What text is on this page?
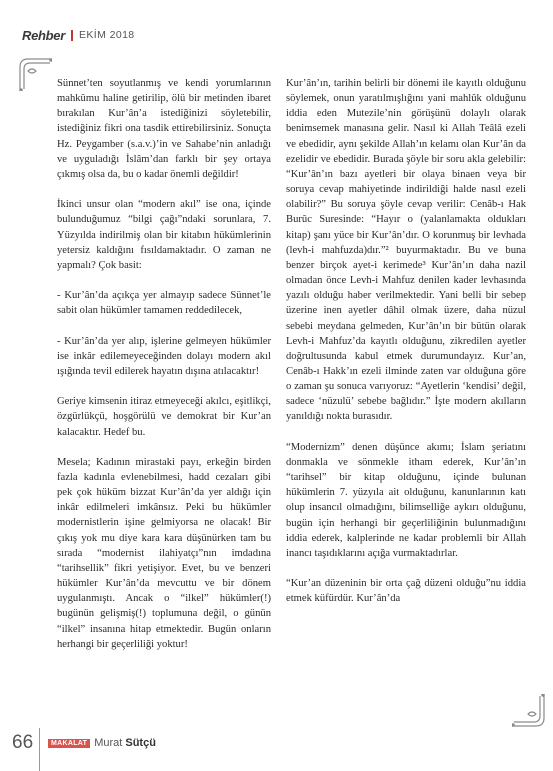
Rehber EKİM 2018

Sünnet’ten soyutlanmış ve kendi yorumlarının mahkûmu haline getirilip, ölü bir metinden ibaret bırakılan Kur’ân’a istediğinizi söyletebilir, istediğiniz fikri ona tasdik ettirebilirsiniz. Sonuçta Hz. Peygamber (s.a.v.)’in ve Sahabe’nin anladığı ve uyguladığı İslâm’dan farklı bir şey ortaya çıkmış olsa da, bu o kadar önemli değildir!

İkinci unsur olan “modern akıl” ise ona, içinde bulunduğumuz “bilgi çağı”ndaki sorunlara, 7. Yüzyılda indirilmiş olan bir kitabın hükümlerinin yetersiz kaldığını fısıldamaktadır. O zaman ne yapmalı? Çok basit:

- Kur’ân’da açıkça yer almayıp sadece Sünnet’le sabit olan hükümler tamamen reddedilecek,

- Kur’ân’da yer alıp, işlerine gelmeyen hükümler ise inkâr edilemeyeceğinden dolayı modern akıl ışığında tevil edilerek hayatın dışına atılacaktır!

Geriye kimsenin itiraz etmeyeceği akılcı, eşitlikçi, özgürlükçü, hoşgörülü ve demokrat bir Kur’an kalacaktır. Hedef bu.

Mesela; Kadının mirastaki payı, erkeğin birden fazla kadınla evlenebilmesi, hadd cezaları gibi pek çok hüküm bizzat Kur’ân’da yer aldığı için inkâr edilmeleri imkânsız. Peki bu hükümler modernistlerin işine gelmiyorsa ne olacak! Bir çıkış yok mu diye kara kara düşünürken tam bu sırada “modernist ilahiyatçı”nın imdadına “tarihsellik” fikri yetişiyor. Evet, bu ve benzeri hükümler Kur’ân’da mevcuttu ve bir dönem uygulanmıştı. Ancak o “ilkel” hükümler(!) bugünün gelişmiş(!) toplumuna değil, o günün “ilkel” insanına hitap etmektedir. Bugün onların herhangi bir geçerliliği yoktur!

Kur’ân’ın, tarihin belirli bir dönemi ile kayıtlı olduğunu söylemek, onun yaratılmışlığını yani mahlûk olduğunu iddia eden Mutezile’nin görüşünü dolaylı olarak benimsemek manasına gelir. Nasıl ki Allah Teâlâ ezeli ve ebedidir, aynı şekilde Allah’ın kelamı olan Kur’ân da ezelidir ve ebedidir. Burada şöyle bir soru akla gelebilir: “Kur’ân’ın bazı ayetleri bir olaya binaen veya bir soruya cevap mahiyetinde indirildiği halde nasıl ezeli olabilir?” Bu soruya şöyle cevap verilir: Cenâb-ı Hak Burûc Suresinde: “Hayır o (yalanlamakta oldukları kitap) şanı yüce bir Kur’ân’dır. O korunmuş bir levhada (levh-i mahfuzda)dır.”² buyurmaktadır. Bu ve buna benzer birçok ayet-i kerimede³ Kur’ân’ın daha nazil olmadan önce Levh-i Mahfuz denilen kader levhasında yazılı olduğu haber verilmektedir. Yani belli bir sebep üzerine inen ayetler dâhil olmak üzere, daha nüzul sebebi meydana gelmeden, Kur’ân’ın bir bütün olarak Levh-i Mahfuz’da kayıtlı olduğunu, zikredilen ayetler doğrultusunda kabul etmek durumundayız. Kur’an, Cenâb-ı Hakk’ın ezeli ilminde zaten var olduğuna göre o zaman şu sonuca varıyoruz: “Ayetlerin ‘kendisi’ değil, sadece ‘nüzulü’ sebebe bağlıdır.” İşte modern akılların yanıldığı nokta burasıdır.

“Modernizm” denen düşünce akımı; İslam şeriatını donmakla ve sönmekle itham ederek, Kur’ân’ın “tarihsel” bir kitap olduğunu, içinde bulunan hükümlerin 7. yüzyıla ait olduğunu, kanunlarının katı olup insancıl olmadığını, bilimselliğe aykırı olduğunu, bugün için herhangi bir geçerliliğinin bulunmadığını iddia ederek, kalplerinde ne kadar problemli bir Allah inancı taşıdıklarını açığa vurmaktadırlar.

“Kur’an düzeninin bir orta çağ düzeni olduğu”nu iddia etmek küfürdür. Kur’ân’da

66	MAKALAT Murat Sütçü
